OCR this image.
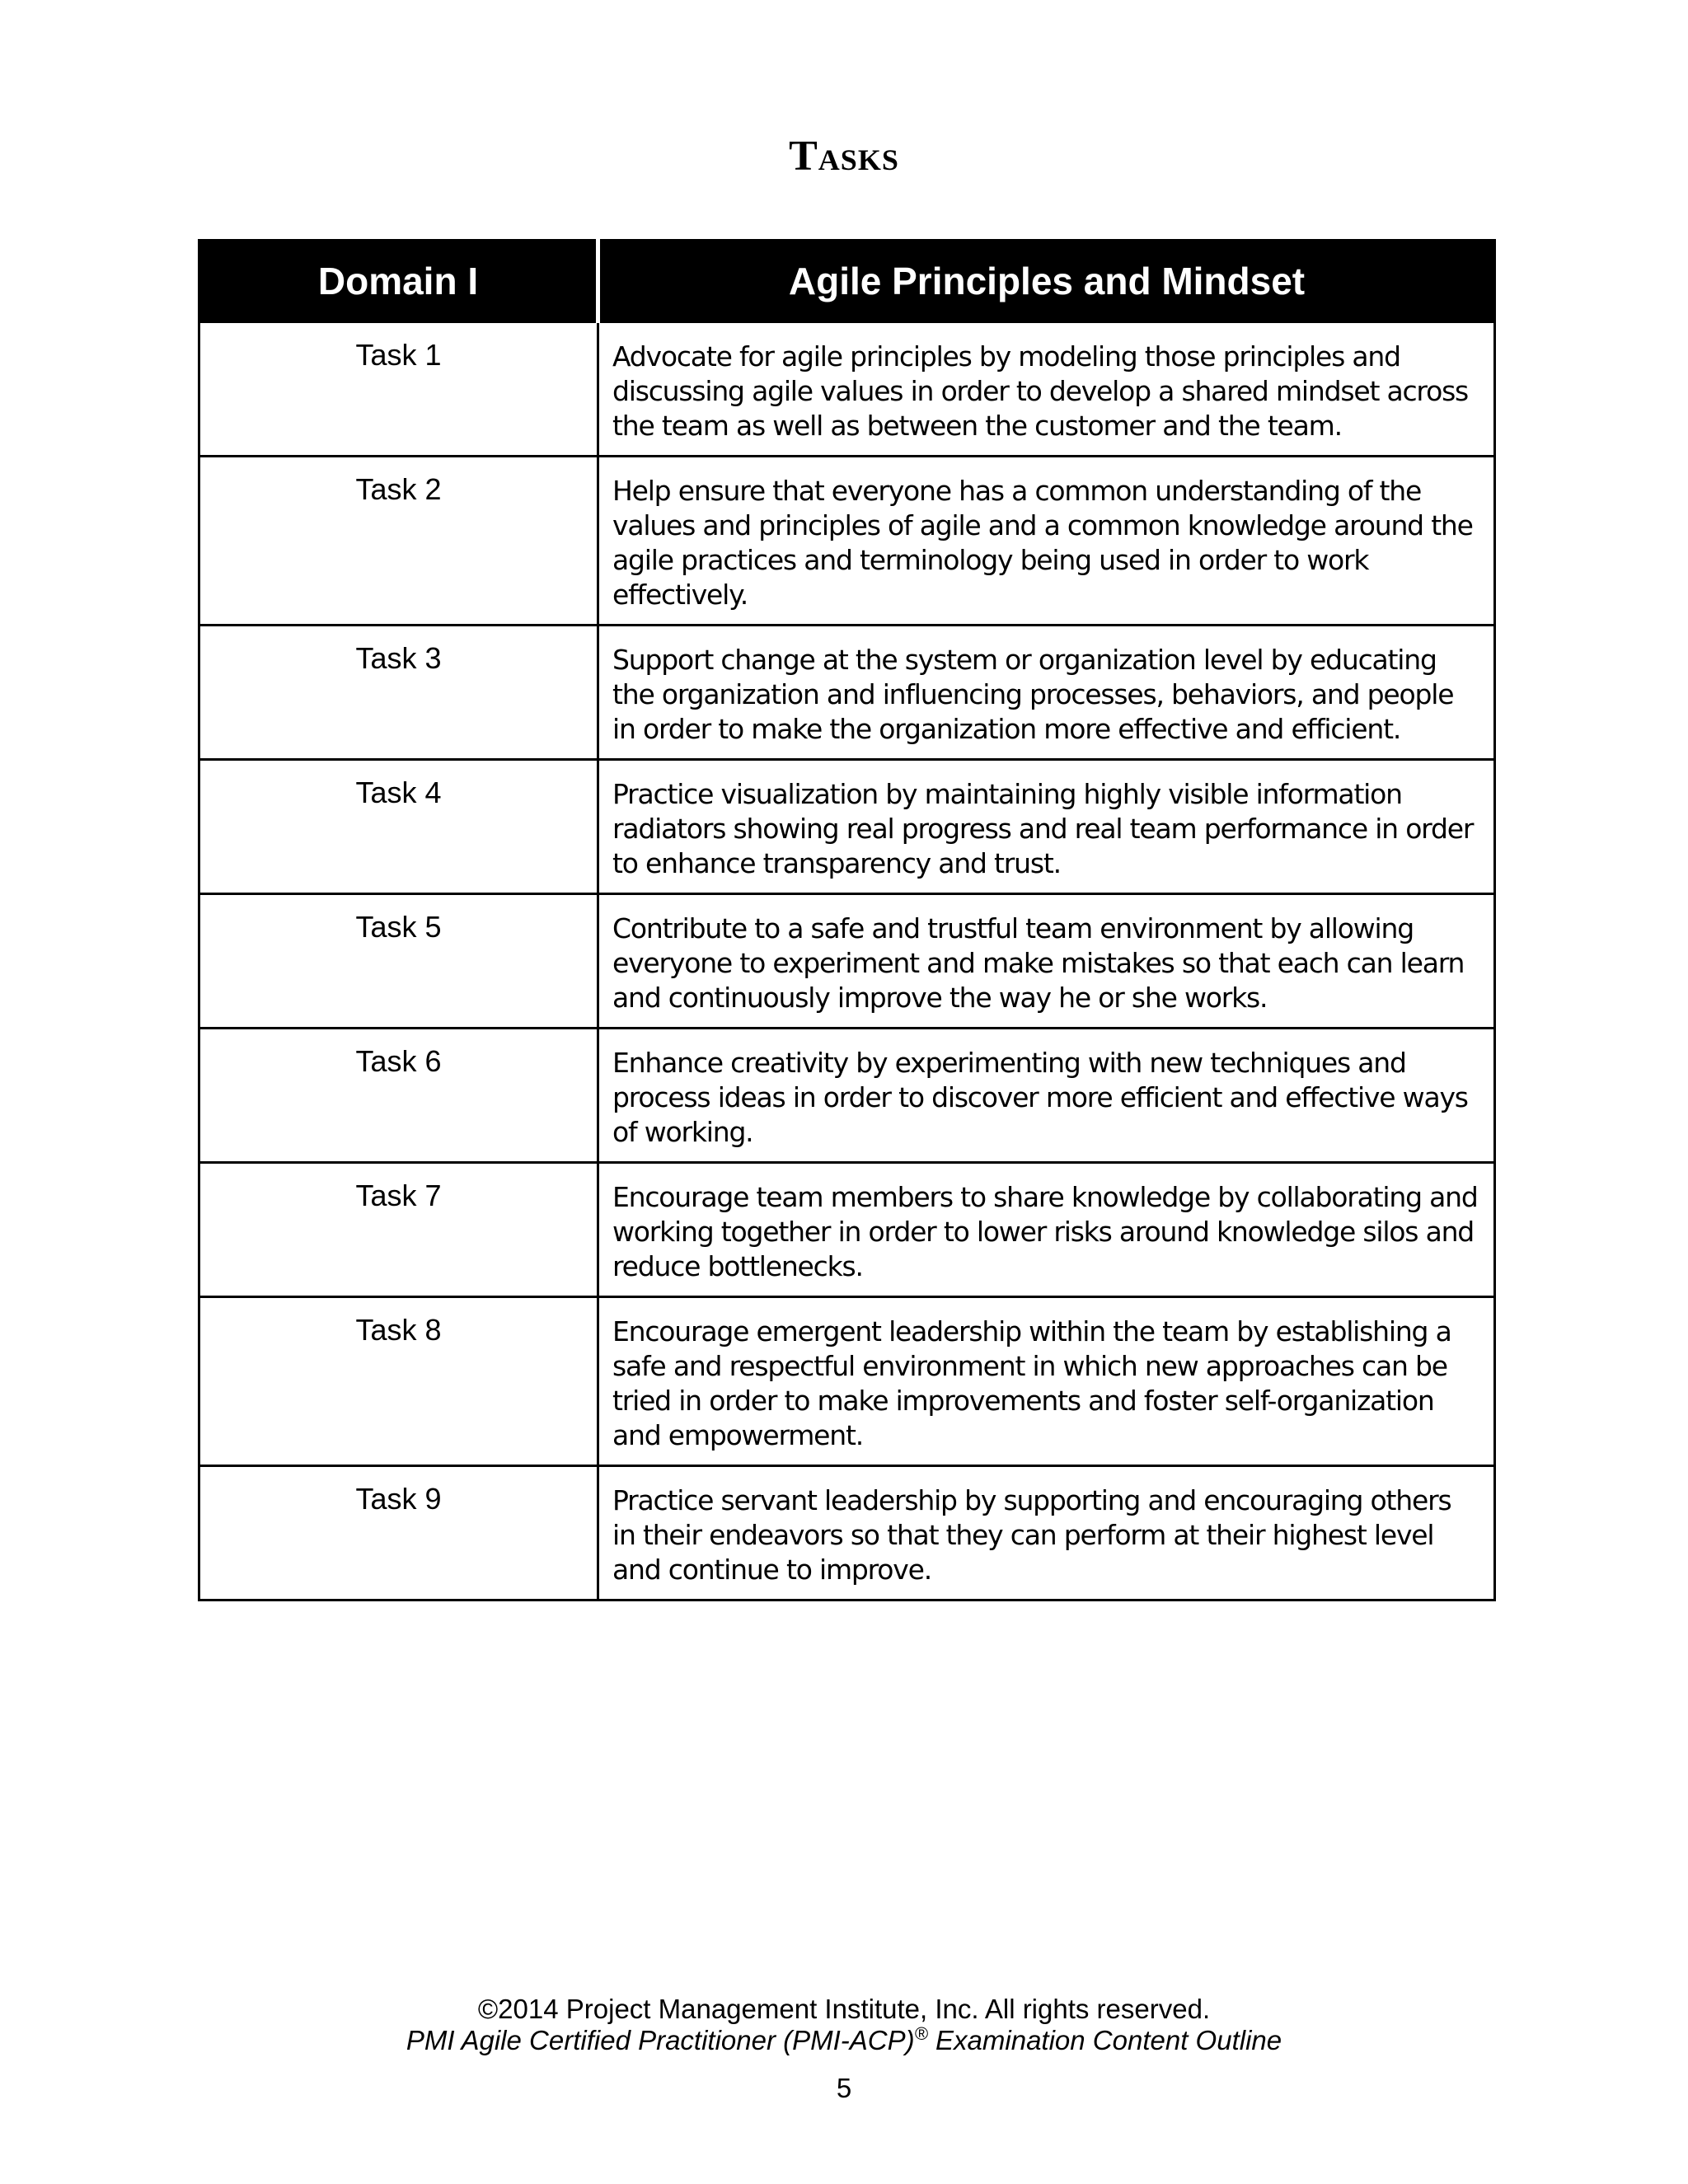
Tasks
Domain I	Agile Principles and Mindset
Task 1	Advocate for agile principles by modeling those principles and discussing agile values in order to develop a shared mindset across the team as well as between the customer and the team.
Task 2	Help ensure that everyone has a common understanding of the values and principles of agile and a common knowledge around the agile practices and terminology being used in order to work effectively.
Task 3	Support change at the system or organization level by educating the organization and influencing processes, behaviors, and people in order to make the organization more effective and efficient.
Task 4	Practice visualization by maintaining highly visible information radiators showing real progress and real team performance in order to enhance transparency and trust.
Task 5	Contribute to a safe and trustful team environment by allowing everyone to experiment and make mistakes so that each can learn and continuously improve the way he or she works.
Task 6	Enhance creativity by experimenting with new techniques and process ideas in order to discover more efficient and effective ways of working.
Task 7	Encourage team members to share knowledge by collaborating and working together in order to lower risks around knowledge silos and reduce bottlenecks.
Task 8	Encourage emergent leadership within the team by establishing a safe and respectful environment in which new approaches can be tried in order to make improvements and foster self-organization and empowerment.
Task 9	Practice servant leadership by supporting and encouraging others in their endeavors so that they can perform at their highest level and continue to improve.
©2014 Project Management Institute, Inc. All rights reserved.
PMI Agile Certified Practitioner (PMI-ACP)® Examination Content Outline
5
